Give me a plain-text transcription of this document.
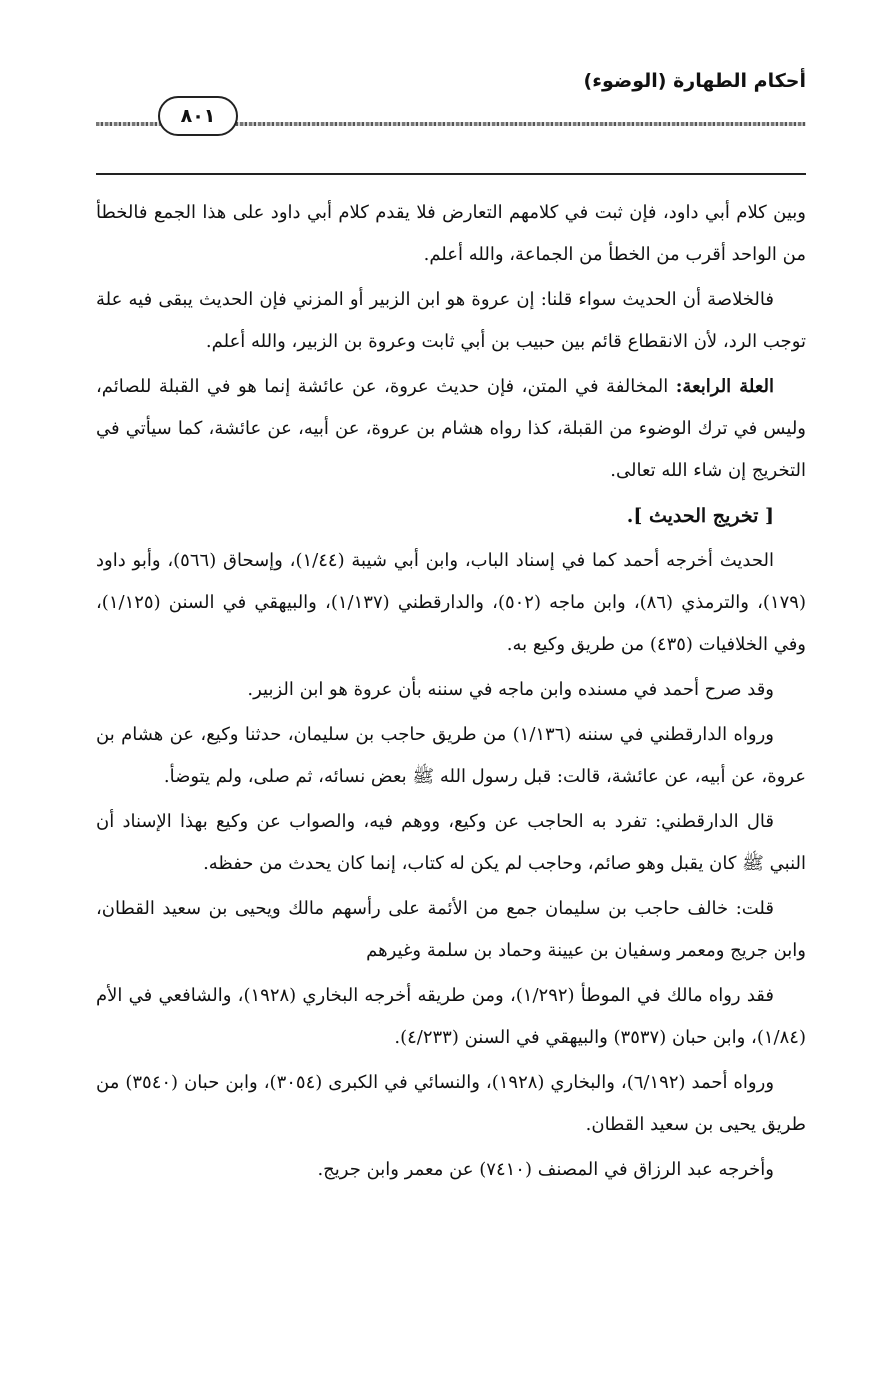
أحكام الطهارة (الوضوء)
٨٠١

وبين كلام أبي داود، فإن ثبت في كلامهم التعارض فلا يقدم كلام أبي داود على هذا الجمع فالخطأ من الواحد أقرب من الخطأ من الجماعة، والله أعلم.

فالخلاصة أن الحديث سواء قلنا: إن عروة هو ابن الزبير أو المزني فإن الحديث يبقى فيه علة توجب الرد، لأن الانقطاع قائم بين حبيب بن أبي ثابت وعروة بن الزبير، والله أعلم.

العلة الرابعة: المخالفة في المتن، فإن حديث عروة، عن عائشة إنما هو في القبلة للصائم، وليس في ترك الوضوء من القبلة، كذا رواه هشام بن عروة، عن أبيه، عن عائشة، كما سيأتي في التخريج إن شاء الله تعالى.

[ تخريج الحديث ].

الحديث أخرجه أحمد كما في إسناد الباب، وابن أبي شيبة (١/٤٤)، وإسحاق (٥٦٦)، وأبو داود (١٧٩)، والترمذي (٨٦)، وابن ماجه (٥٠٢)، والدارقطني (١/١٣٧)، والبيهقي في السنن (١/١٢٥)، وفي الخلافيات (٤٣٥) من طريق وكيع به.

وقد صرح أحمد في مسنده وابن ماجه في سننه بأن عروة هو ابن الزبير.

ورواه الدارقطني في سننه (١/١٣٦) من طريق حاجب بن سليمان، حدثنا وكيع، عن هشام بن عروة، عن أبيه، عن عائشة، قالت: قبل رسول الله ﷺ بعض نسائه، ثم صلى، ولم يتوضأ.

قال الدارقطني: تفرد به الحاجب عن وكيع، ووهم فيه، والصواب عن وكيع بهذا الإسناد أن النبي ﷺ كان يقبل وهو صائم، وحاجب لم يكن له كتاب، إنما كان يحدث من حفظه.

قلت: خالف حاجب بن سليمان جمع من الأئمة على رأسهم مالك ويحيى بن سعيد القطان، وابن جريج ومعمر وسفيان بن عيينة وحماد بن سلمة وغيرهم

فقد رواه مالك في الموطأ (١/٢٩٢)، ومن طريقه أخرجه البخاري (١٩٢٨)، والشافعي في الأم (١/٨٤)، وابن حبان (٣٥٣٧) والبيهقي في السنن (٤/٢٣٣).

ورواه أحمد (٦/١٩٢)، والبخاري (١٩٢٨)، والنسائي في الكبرى (٣٠٥٤)، وابن حبان (٣٥٤٠) من طريق يحيى بن سعيد القطان.

وأخرجه عبد الرزاق في المصنف (٧٤١٠) عن معمر وابن جريج.
